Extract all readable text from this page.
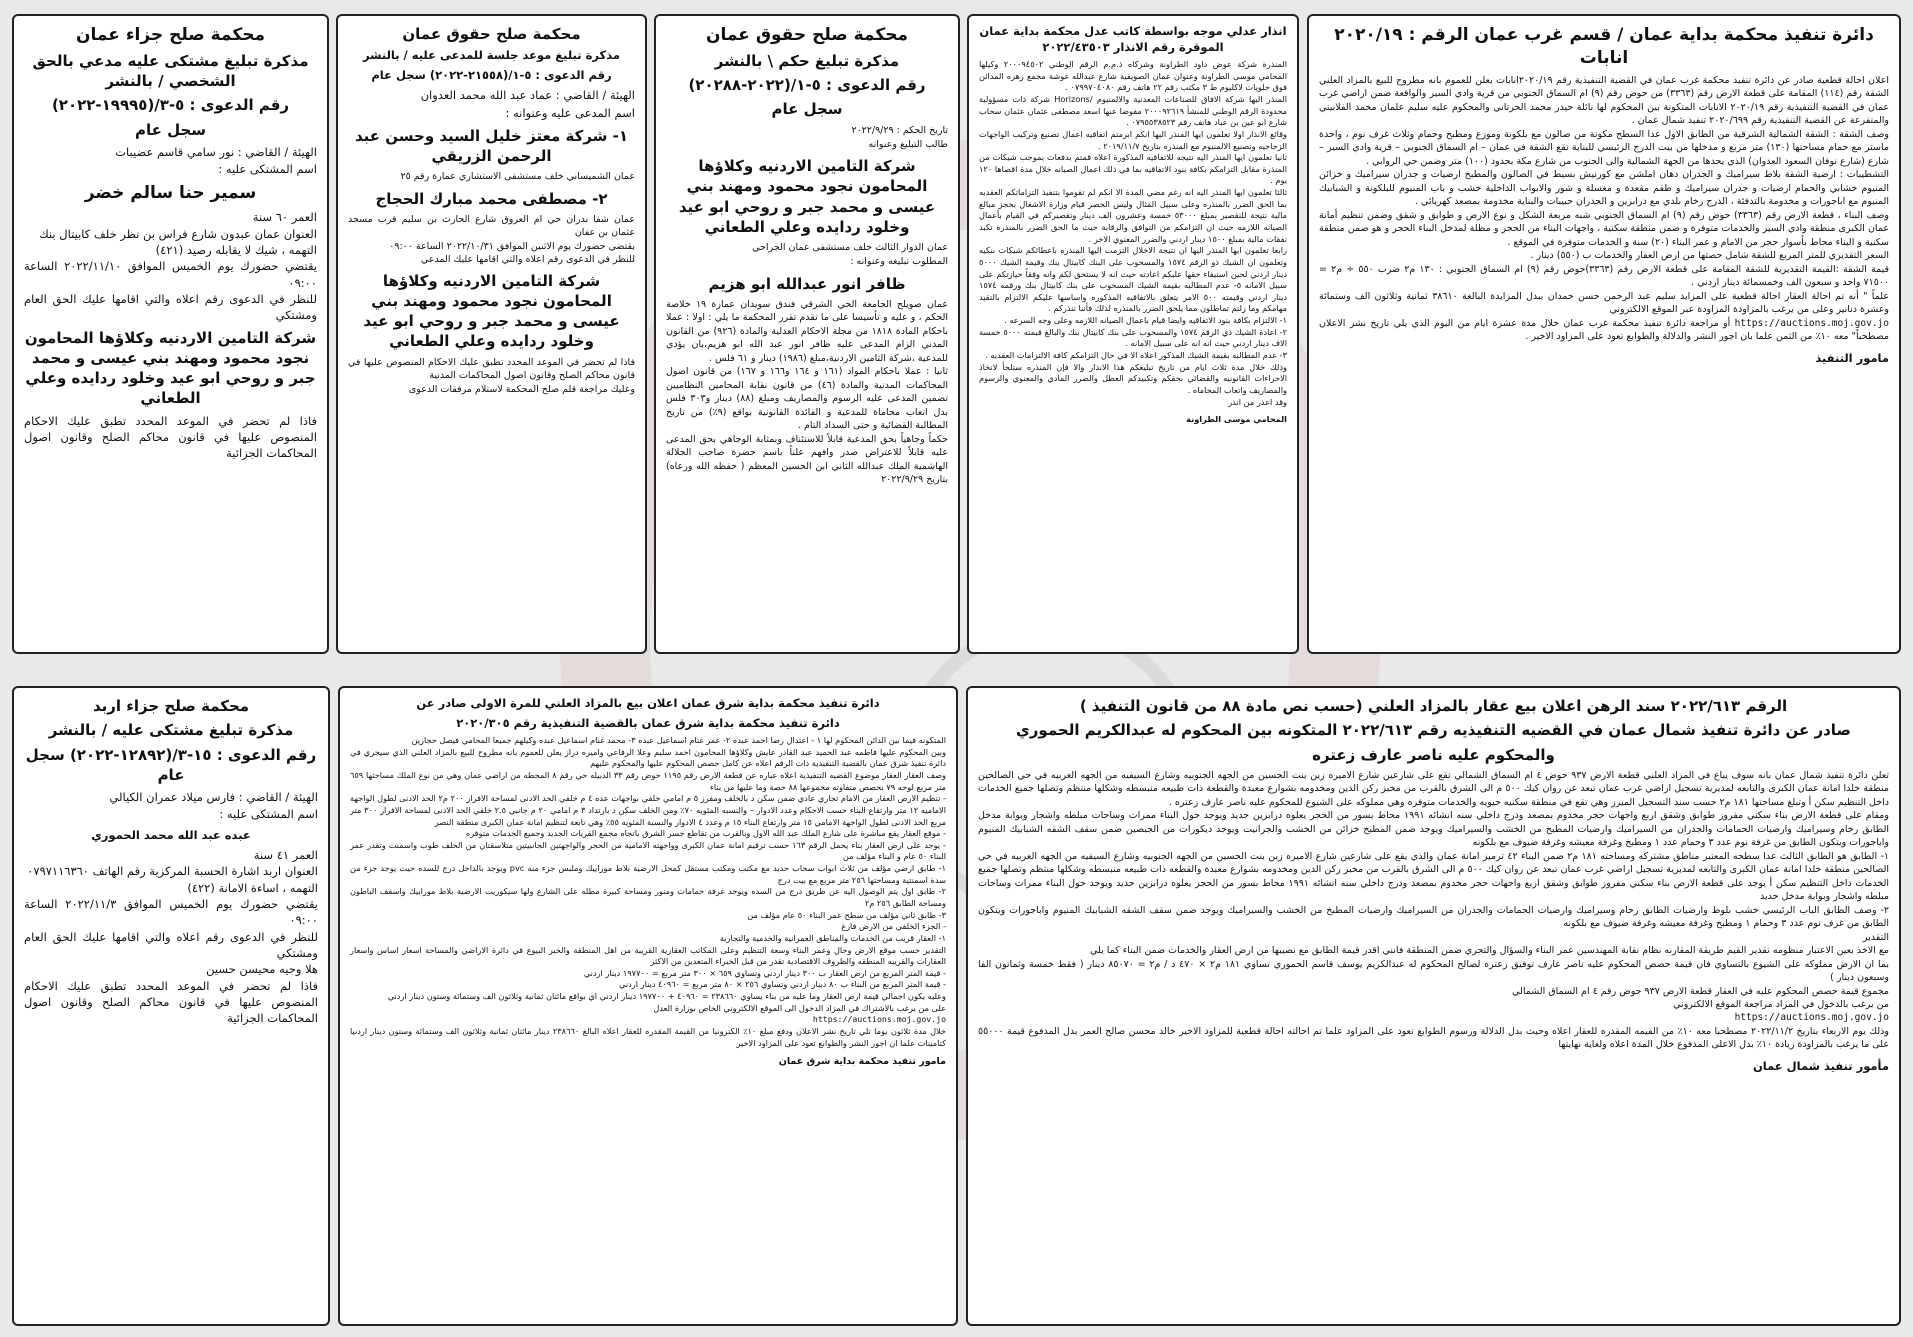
دائرة تنفيذ محكمة بداية عمان / قسم غرب عمان الرقم : ٢٠٢٠/١٩ انابات
اعلان احالة قطعية صادر عن دائرة تنفيذ محكمة غرب عمان في القضية التنفيذية رقم ٢٠٢٠/١٩انابات يعلن للعموم بانه مطروح للبيع بالمزاد العلني الشقة رقم (١١٤) المقامة على قطعة الارض رقم (٣٣٦٣) من حوض رقم (٩) ام السماق الجنوبي من قرية وادي السير والواقعة ضمن اراضي غرب عمان في القضية التنفيذية رقم ٢٠٢٠/١٩ الانابات المتكونة بين المحكوم لها نائلة حيدر محمد الحرتاني والمحكوم عليه سليم علمان محمد الفلابيني والمتفرعة عن القضية التنفيذية رقم ٢٠٢٠/٦٩٩ تنفيذ شمال عمان .
وصف الشقة : الشقة الشمالية الشرقية من الطابق الاول عدا السطح مكونة من صالون مع بلكونة وموزع ومطبخ وحمام وثلاث غرف نوم ، واحدة ماستر مع حمام مساحتها (١٣٠) متر مربع و مدخلها من بيت الدرج الرئيسي للبناية تقع الشقة في عمان – ام السماق الجنوبي – قرية وادي السير – شارع (شارع نوفان السعود العدوان) الذي يحدها من الجهة الشمالية والى الجنوب من شارع مكة بحدود (١٠٠) متر وضمن حي الروابي .
التشطيبات : ارضية الشقة بلاط سيراميك و الجدران دهان املشن مع كورنيش بسيط في الصالون والمطبخ ارضيات و جدران سيراميك و خزائن المنيوم خشابي والحمام ارضيات و جدران سيراميك و طقم مقعدة و مغسلة و شور والابواب الداخلية خشب و باب المنيوم للبلكونة و الشبابيك المنيوم مع اباجورات و مخدومة بالتدفئة ، الدرج رخام بلدي مع درابزين و الجدران حبيبات والبناية مخدومة بمصعد كهربائي .
وصف البناء ، قطعة الارض رقم (٣٣٦٣) حوض رقم (٩) ام السماق الجنوبي شبه مربعة الشكل و نوع الارض و طوابق و شقق وضمن تنظيم أمانة عمان الكبرى منطقة وادي السير والخدمات متوفرة و ضمن منطقة سكنية ، واجهات البناء من الحجر و مظلة لمدخل البناء الحجر و هو ضمن منطقة سكنية و البناء محاط بأسوار حجر من الامام و عمر البناء (٢٠) سنة و الخدمات متوفرة في الموقع .
السعر التقديري للمتر المربع للشقة شامل حصتها من ارض العقار والخدمات ب (٥٥٠) دينار .
قيمة الشقة :القيمة التقديرية للشقة المقامة على قطعة الارض رقم (٣٣٦٣)حوض رقم (٩) ام السماق الجنوبي : ١٣٠ م٢ ضرب ٥٥٠ ÷ م٢ = ٧١٥٠٠ واحد و سبعون الف وخمسمائة دينار اردني .
علماً " أنه تم احالة العقار احالة قطعية على المزايد سليم عبد الرحمن حسن حمدان ببدل المزايدة البالغة ٣٨٦١٠ ثمانية وثلاثون الف وستمائة وعشرة دنانير وعلى من يرغب بالمزاودة المزاودة عبر الموقع الالكتروني
https://auctions.moj.gov.jo أو مراجعة دائرة تنفيذ محكمة غرب عمان خلال مدة عشرة ايام من اليوم الذي يلي تاريخ نشر الاعلان مصطحباً" معه ١٠٪ من الثمن علما بان اجور النشر والدلالة والطوابع تعود على المزاود الاخير .
مامور التنفيذ
انذار عدلي موجه بواسطة كاتب عدل محكمة بداية عمان الموقرة رقم الانذار ٢٠٢٢/٤٣٥٠٣
المنذرة شركة عوض داود الطراونة وشركاه ذ.م.م الرقم الوطني ٢٠٠٠٩٤٥٠٢ وكيلها المحامي موسى الطراونة وعنوان عمان الصويفية شارع عبدالله غوشة مجمع زهره المدائن فوق حلويات لاكليوم ط ٣ مكتب رقم ٢٢ هاتف رقم ٠٧٩٩٧٠٤٠٨٠ .
المنذر اليها شركة الافاق للصناعات المعدنية والالمنيوم /Horizons شركة ذات مسؤولية محدودة الرقم الوطني للمنشأ ٢٠٠٠٩٢٦١٩ مفوضا عنها اسعد مصطفى عثمان عثمان سحاب شارع ابو عين بن عباد هاتف رقم ٠٧٩٥٥٣٨٥٢٣ .
وقائع الانذار اولا تعلمون ايها المنذر اليها انكم ابرمتم اتفاقيه اعمال تصنيع وتركيب الواجهات الزجاجيه وتصنيع الالمنيوم مع المنذره بتاريخ ٢٠١٩/١١/٧ .
ثانيا تعلمون ايها المنذر اليه نتيجه للاتفاقيه المذكورة اعلاه قمتم بدفعات بموجب شيكات من المنذرة مقابل التزامكم بكافة بنود الاتفاقيه بما في ذلك اعمال الصيانه خلال مدة اقصاها ١٢٠ يوم .
ثالثا تعلمون ايها المنذر اليه انه رغم مضي المدة الا انكم لم تقوموا بتنفيذ التزاماتكم العقديه بما الحق الضرر بالمنذره وعلى سبيل المثال وليس الحصر قيام وزارة الاشغال بحجز مبالغ مالية نتيجة للتقصير بمبلغ ٥٣٠٠٠ خمسة وعشرون الف دينار وتقصيركم في القيام بأعمال الصيانه اللازمه حيث ان التزامكم من التوافق والرقابة حيث ما الحق الضرر بالمنذره تكبد نفقات مالية بمبلغ ١٥٠٠ دينار اردني والضرر المعنوي الاخر .
رابعا تعلمون ايها المنذر اليها ان نتيجة الاخلال التزمت اليها المنذره باعطائكم شيكات بنكيه وتعلمون ان الشيك ذو الرقم ١٥٧٤ والمسحوب على البنك كابيتال بنك وقيمة الشيك ٥٠٠٠ دينار اردني لحين استيفاء حقها عليكم اعادته حيث انه لا يستحق لكم وانه وفقاً حيازتكم على سبيل الامانه ٥- عدم المطالبه بقيمة الشيك المسحوب على بنك كابيتال بنك ورقمه ١٥٧٤ دينار اردني وقيمته ٥٠٠ الامر يتعلق بالاتفاقيه المذكوره واساسها عليكم الالتزام بالتقيد مهامكم وما زلتم تماطلون مما يلحق الضرر بالمنذره لذلك فأننا ننذركم .
١- الالتزام بكافة بنود الاتفاقيه وايضا قيام باعمال الصيانه اللازمه وعلى وجه السرعه .
٢- اعادة الشيك ذي الرقم ١٥٧٤ والمسحوب على بنك كابيتال بنك والبالغ قيمته ٥٠٠٠ خمسة الاف دينار اردني حيث انه انه على سبيل الامانه .
٣- عدم المطالبه بقيمة الشيك المذكور اعلاه الا في حال التزامكم كافة الالتزامات العقديه .
وذلك خلال مدة ثلاث ايام من تاريخ تبليغكم هذا الانذار والا فإن المنذره ستلجأ لاتخاذ الاجراءات القانونيه والقضائي بحقكم وتكبيدكم العطل والضرر المادي والمعنوي والرسوم والمصاريف واتعاب المحاماه .
وقد اعذر من انذر
المحامي موسى الطراونة
محكمة صلح حقوق عمان
مذكرة تبليغ حكم \ بالنشر
رقم الدعوى : ٥-١/(٢٠٢٢-٢٠٢٨٨)
سجل عام
تاريخ الحكم : ٢٠٢٢/٩/٢٩
طالب التبليغ وعنوانه
شركة التامين الاردنيه وكلاؤها المحامون نجود محمود ومهند بني عيسى و محمد جبر و روحي ابو عيد وخلود ردايده وعلي الطعاني
عمان الدوار الثالث خلف مستشفى عمان الجراحي
المطلوب تبليغه وعنوانه :
ظافر انور عبدالله ابو هزيم
عمان صويلح الجامعة الحي الشرقي فندق سويدان عمارة ١٩ خلاصة الحكم ، و عليه و تأسيسا على ما تقدم تقرر المحكمة ما يلي : اولا : عملا باحكام المادة ١٨١٨ من مجلة الاحكام العدلية والمادة (٩٢٦) من القانون المدني الزام المدعى عليه ظافر انور عبد الله ابو هزيم،بان يؤدي للمدعية ،شركة التامين الاردنية،مبلغ (١٩٨٦) دينار و ٦١ فلس .
ثانيا : عملا باحكام المواد (١٦١ و ١٦٤ و١٦٦ و ١٦٧) من قانون اصول المحاكمات المدنية والمادة (٤٦) من قانون نقابة المحامين النظاميين تضمين المدعى عليه الرسوم والمصاريف ومبلغ (٨٨) دينار و٣٠٣ فلس بدل اتعاب محاماة للمدعية و الفائدة القانونية بواقع (٩٪) من تاريخ المطالبة القضائية و حتى السداد التام .
حكماً وجاهياً بحق المدعية قابلاً للاستئناف وبمثابة الوجاهي بحق المدعى عليه قابلاً للاعتراض صدر وافهم علناً باسم حضرة صاحب الجلالة الهاشمية الملك عبدالله الثاني ابن الحسين المعظم ( حفظه الله ورعاه) بتاريخ ٢٠٢٢/٩/٢٩
محكمة صلح حقوق عمان
مذكرة تبليغ موعد جلسة للمدعى عليه / بالنشر
رقم الدعوى : ٥-١/(٢١٥٥٨-٢٠٢٢) سجل عام
الهيئة / القاضي : عماد عبد الله محمد العدوان
اسم المدعى عليه وعنوانه :
١- شركة معتز خليل السيد وحسن عبد الرحمن الزريقي
عمان الشميساني خلف مستشفى الاستشاري عمارة رقم ٢٥
٢- مصطفى محمد مبارك الحجاج
عمان شفا بدران حي ام العروق شارع الحارث بن سليم قرب مسجد عثمان بن عفان
يقتضي حضورك يوم الاثنين الموافق ٢٠٢٢/١٠/٣١ الساعة ٠٩:٠٠
للنظر في الدعوى رقم اعلاه والتي اقامها عليك المدعي
شركة التامين الاردنيه وكلاؤها المحامون نجود محمود ومهند بني عيسى و محمد جبر و روحي ابو عيد وخلود ردايده وعلي الطعاني
فاذا لم تحضر في الموعد المحدد تطبق عليك الاحكام المنصوص عليها في قانون محاكم الصلح وقانون اصول المحاكمات المدنية
وعليك مراجعة قلم صلح المحكمة لاستلام مرفقات الدعوى
محكمة صلح جزاء عمان
مذكرة تبليغ مشتكى عليه مدعي بالحق الشخصي / بالنشر
رقم الدعوى : ٥-٣/(١٩٩٩٥-٢٠٢٢)
سجل عام
الهيئة / القاضي : نور سامي قاسم عضيبات
اسم المشتكى عليه :
سمير حنا سالم خضر
العمر ٦٠ سنة
العنوان عمان عبدون شارع فراس بن نظر خلف كابيتال بنك
التهمه ، شيك لا يقابله رصيد (٤٢١)
يقتضي حضورك يوم الخميس الموافق ٢٠٢٢/١١/١٠ الساعة ٠٩:٠٠
للنظر في الدعوى رقم اعلاه والتي اقامها عليك الحق العام ومشتكي
شركة التامين الاردنيه وكلاؤها المحامون نجود محمود ومهند بني عيسى و محمد جبر و روحي ابو عيد وخلود ردايده وعلي الطعاني
فاذا لم تحضر في الموعد المحدد تطبق عليك الاحكام المنصوص عليها في قانون محاكم الصلح وقانون اصول المحاكمات الجزائية
الرقم ٢٠٢٢/٦١٣ سند الرهن اعلان بيع عقار بالمزاد العلني (حسب نص مادة ٨٨ من قانون التنفيذ )
صادر عن دائرة تنفيذ شمال عمان في القضيه التنفيذيه رقم ٢٠٢٢/٦١٣ المتكونه بين المحكوم له عبدالكريم الحموري
والمحكوم عليه ناصر عارف زعتره
تعلن دائرة تنفيذ شمال عمان بانه سوف يباع في المزاد العلني قطعة الارض ٩٣٧ حوض ٤ ام السماق الشمالي تقع على شارعين شارع الاميره زين بنت الحسين من الجهه الجنوبيه وشارع السيفيه من الجهه الغربيه في حي الصالحين منطقة خلدا امانة عمان الكبرى والتابعه لمديرية تسجيل اراضي غرب عمان تبعد عن روان كيك ٥٠٠ م الى الشرق بالقرب من مخبز ركن الدين ومخدومه بشوارع معبدة والقطعة ذات طبيعه منبسطه وشكلها منتظم وتصلها جميع الخدمات داخل التنظيم سكن أ وتبلغ مساحتها ١٨١ م٢ حسب سند التسجيل الميرز وهي تقع في منطقة سكنيه حيويه والخدمات متوفره وهي مملوكه على الشيوع للمحكوم عليه ناصر عارف زعتره .
ومقام على قطعة الارض بناء سكني مفروز طوابق وشقق اربع واجهات حجر مخدوم بمصعد ودرج داخلي سنه انشائه ١٩٩١ محاط بسور من الحجر يعلوه درابزين حديد ويوجد حول البناء ممرات وساحات مبلطه واشجار وبوابة مدخل الطابق رخام وسيراميك وارضيات الحمامات والجدران من السيراميك وارضيات المطبخ من الخشب والسيراميك ويوجد ضمن المطبخ خزائن من الخشب والجرانيت ويوجد ديكورات من الجبصين ضمن سقف الشقه الشبابيك المنيوم واباجورات ويتكون الطابق من غرفة نوم عدد ٣ وحمام عدد ١ ومطبخ وغرفة معيشه وغرفة ضيوف مع بلكونه
١- الطابق هو الطابق الثالث عدا سطحه المعتبر مناطق مشتركه ومساحته ١٨١ م٢ ضمن البناء ٤٢ ترميز امانة عمان والذي يقع على شارعين شارع الاميره زين بنت الحسين من الجهه الجنوبيه وشارع السيفيه من الجهه الغربيه في حي الصالحين منطقة خلدا امانة عمان الكبرى والتابعه لمديرية تسجيل اراضي غرب عمان تبعد عن روان كيك ٥٠٠ م الى الشرق بالقرب من مخبز ركن الدين ومخدومه بشوارع معبدة والقطعه ذات طبيعه منبسطه وشكلها منتظم وتصلها جميع الخدمات داخل التنظيم سكن أ يوجد على قطعة الارض بناء سكني مفروز طوابق وشقق اربع واجهات حجر مخدوم بمصعد ودرج داخلي سنه انشائه ١٩٩١ محاط بسور من الحجر يعلوه درابزين حديد ويوجد حول البناء ممرات وساحات مبلطه واشجار وبوابة مدخل حديد
٢- وصف الطابق الباب الرئيسي خشب بلوط وارضيات الطابق رخام وسيراميك وارضيات الحمامات والجدران من السيراميك وارضيات المطبخ من الخشب والسيراميك ويوجد ضمن سقف الشقه الشبابيك المنيوم واباجورات ويتكون الطابق من غرف نوم عدد ٣ وحمام ١ ومطبخ وغرفة معيشه وغرفة ضيوف مع بلكونه
التقدير
مع الاخذ بعين الاعتبار منظومه تقدير القيم طريقة المقارنه نظام نقابة المهندسين عمر البناء والسؤال والتحري ضمن المنطقة فانني اقدر قيمة الطابق مع نصيبها من ارض العقار والخدمات ضمن البناء كما يلي
بما ان الارض مملوكه على الشيوع بالتساوي فان قيمة حصص المحكوم عليه ناصر عارف توفيق زعتره لصالح المحكوم له عبدالكريم يوسف قاسم الحموري تساوي ١٨١ م٢ × ٤٧٠ د / م٢ = ٨٥٠٧٠ دينار ( فقط خمسة وثمانون الفا وسبعون دينار )
مجموع قيمة حصص المحكوم عليه في العقار قطعة الارض ٩٣٧ حوض رقم ٤ ام السماق الشمالي
من يرغب بالدخول في المزاد مراجعة الموقع الالكتروني
https://auctions.moj.gov.jo
وذلك يوم الاربعاء بتاريخ ٢٠٢٢/١١/٢ مصطحبا معه ١٠٪ من القيمه المقدره للعقار اعلاه وحيث بدل الدلالة ورسوم الطوابع تعود على المزاود علما تم احالته احالة قطعية للمزاود الاخير خالد محسن صالح العمر بدل المدفوع قيمة ٥٥٠٠٠ على ما يرغب بالمزاودة زيادة ١٠٪ بدل الاعلى المدفوع خلال المدة اعلاه ولغاية نهايتها
مأمور تنفيذ شمال عمان
دائرة تنفيذ محكمة بداية شرق عمان اعلان بيع بالمزاد العلني للمرة الاولى صادر عن
دائرة تنفيذ محكمة بداية شرق عمان بالقضية التنفيذية رقم ٢٠٢٠/٣٠٥
المتكونه فيما بين الدائن المحكوم لها ١ - اعتدال رضا احمد عبده ٢- عمر غنام اسماعيل عبده ٣- محمد غنام اسماعيل عبده وكيلهم جميعا المحامي فيصل حجازين
وبين المحكوم عليها فاطمه عبد الحميد عبد القادر عايش وكلاؤها المحامون احمد سليم وعلا الرفاعي واميره دراز يعلن للعموم بانه مطروح للبيع بالمزاد العلني الذي سيجري في دائرة تنفيذ شرق عمان بالقضية التنفيذية ذات الرقم اعلاه عن كامل حصص المحكوم عليها والمحكوم عليهم
وصف العقار العقار موضوع القضيه التنفيذية اعلاه عباره عن قطعة الارض رقم ١١٩٥ حوض رقم ٣٣ الدبيله حي رقم ٨ المحطه من اراضي عمان وهي من نوع الملك مساحتها ٦٥٩ متر مربع لوحه ٧٩ بحصص متفاوته مجموعها ٨٨ حصة وما عليها من بناء
- تنظيم الارض العقار من الامام تجاري عادي ضمن سكن د بالخلف ومفرز ٥ م امامي خلفي بواجهات عده ٤ م خلفي الحد الادنى لمساحة الافراز ٢٠٠ م٢ الحد الادنى لطول الواجهة الاماميه ١٢ متر وارتفاع البناء حسب الاحكام وعدد الادوار – والنسبه المئويه ٧٠٪ ومن الخلف سكن د بارتداد ٣ م امامي ٢٠ م جانبي ٢.٥ خلفي الحد الادنى لمساحة الافراز ٣٠٠ متر مربع الحد الادنى لطول الواجهة الامامي ١٥ متر وارتفاع البناء ١٥ م وعدد ٤ الادوار والنسبة المئويه ٥٥٪ وهي تابعة لتنظيم امانة عمان الكبرى منطقة النصر
- موقع العقار يقع مباشرة على شارع الملك عبد الله الاول وبالقرب من تقاطع جسر الشرق باتجاه مجمع القريات الجديد وجميع الخدمات متوفره
- يوجد على ارض العقار بناء يحمل الرقم ١٦٣ حسب ترقيم امانة عمان الكبرى وواجهته الامامية من الحجر والواجهتين الجانبيتين متلاسقتان من الخلف طوب واسمنت وتقدر عمر البناء ٥٠ عام و البناء مؤلف من
١- طابق ارضي مؤلف من ثلاث ابواب سحاب حديد مع مكتب ومكتب مستقل كمحل الارضية بلاط موزاييك وملبس جزء منه pvc ويوجد بالداخل درج للسده حيث يوجد جزء من سدة اسمنتية ومساحتها ٢٥٦ متر مربع مع بيت درج
٢- طابق اول يتم الوصول اليه عن طريق درج من السده ويوجد غرفة حمامات ومنور ومساحة كبيرة مطله على الشارع ولها سيكوريت الارضية بلاط موزاييك واسقف الباطون ومساحة الطابق ٢٥٦ م٢
٣- طابق ثاني مؤلف من سطح عمر البناء ٥٠ عام مؤلف من
- الجزء الخلفي من الارض فارغ
١- العقار قريب من الخدمات والمناطق العمرانية والخدمية والتجارية
التقدير حسب موقع الارض وحال وعمر البناء وسعة التنظيم وعلى المكاتب العقارية القريبة من اهل المنطقة والخبر البيوع في دائرة الاراضي والمساحة اسعار اساس واسعار العقارات والقريبه المنطقه والظروف الاقتصادية تقدر من قبل الخبراء المتعدين من الاكثر
- قيمة المتر المربع من ارض العقار ب ٣٠٠ دينار اردني وتساوي ٦٥٩ × ٣٠٠ متر مربع = ١٩٧٧٠٠ دينار اردني
- قيمة المتر المربع من البناء ب ٨٠ دينار اردني وتساوي ٢٥٦ × ٨٠ متر مربع = ٤٠٩٦٠ دينار اردني
وعليه يكون اجمالي قيمة ارض العقار وما عليه من بناء يساوي ٢٣٨٦٦٠ = ٤٠٩٦٠ + ١٩٧٧٠٠ دينار اردني اي بواقع مائتان ثمانية وثلاثون الف وستمائة وستون دينار اردني
على من يرغب بالاشتراك في المزاد الدخول الى الموقع الالكتروني الخاص بوزارة العدل
https://auctions.moj.gov.jo
خلال مدة ثلاثون يوما تلي تاريخ نشر الاعلان ودفع مبلغ ١٠٪ الكترونيا من القيمة المقدره للعقار اعلاه البالغ ٢٣٨٦٦٠ دينار مائتان ثمانية وثلاثون الف وستمائة وستون دينار اردنيا كتامينات علما ان اجور النشر والطوابع تعود على المزاود الاخير
مامور تنفيذ محكمة بداية شرق عمان
محكمة صلح جزاء اربد
مذكرة تبليغ مشتكى عليه / بالنشر
رقم الدعوى : ١٥-٣/(١٢٨٩٢-٢٠٢٢) سجل عام
الهيئة / القاضي : فارس ميلاد عمران الكيالي
اسم المشتكى عليه :
عبده عبد الله محمد الحموري
العمر ٤١ سنة
العنوان اربد اشارة الحسبة المركزية رقم الهاتف ٠٧٩٧١١٦٣٦٠
التهمه ، اساءة الامانة (٤٢٢)
يقتضي حضورك يوم الخميس الموافق ٢٠٢٢/١١/٣ الساعة ٠٩:٠٠
للنظر في الدعوى رقم اعلاه والتي اقامها عليك الحق العام ومشتكي
هلا وجيه محيسن حسين
فاذا لم تحضر في الموعد المحدد تطبق عليك الاحكام المنصوص عليها في قانون محاكم الصلح وقانون اصول المحاكمات الجزائية
